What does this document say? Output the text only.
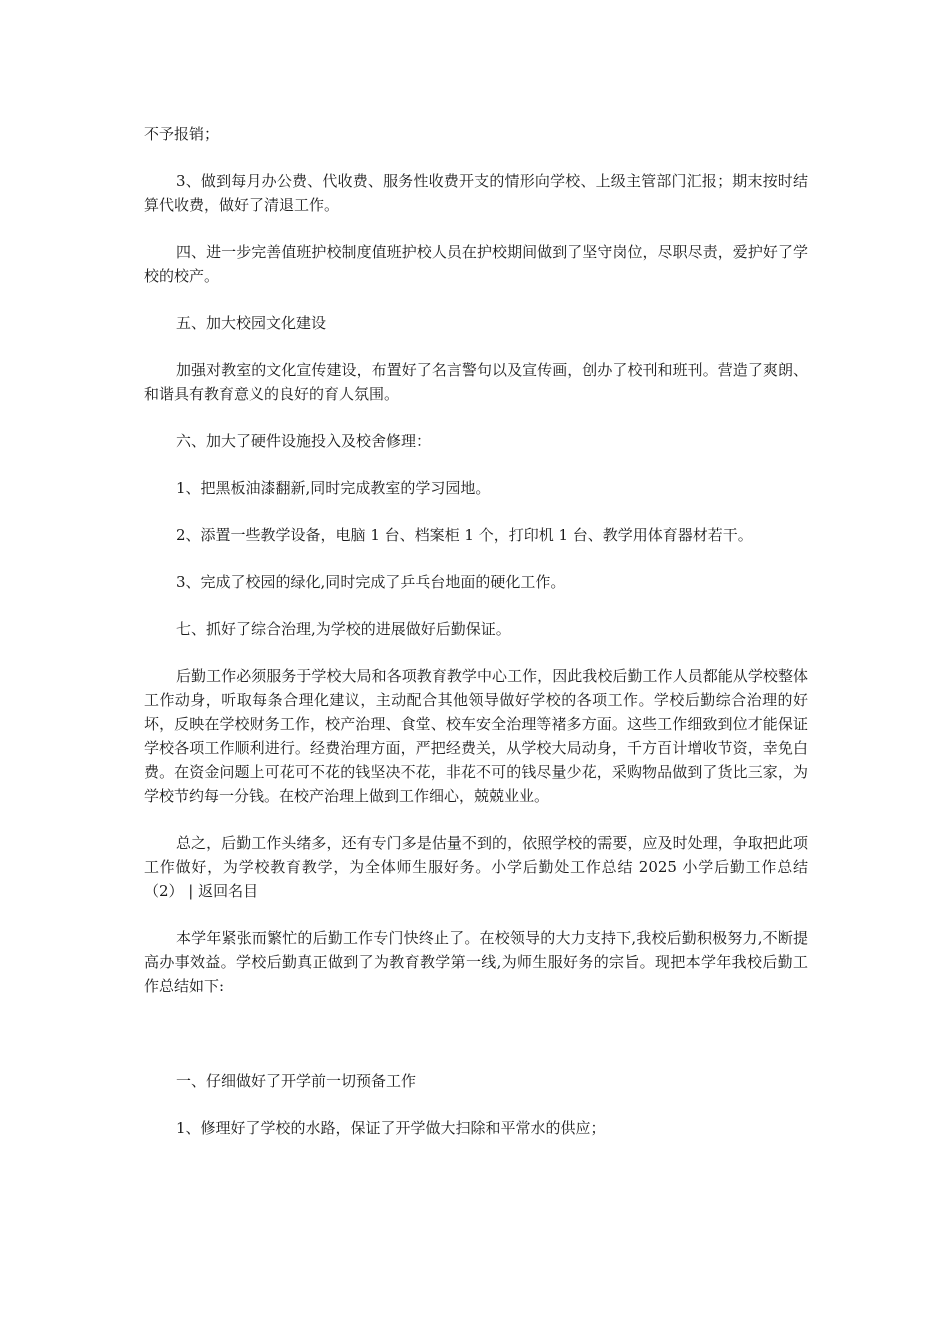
不予报销；

3、做到每月办公费、代收费、服务性收费开支的情形向学校、上级主管部门汇报；期末按时结算代收费，做好了清退工作。

四、进一步完善值班护校制度值班护校人员在护校期间做到了坚守岗位，尽职尽责，爱护好了学校的校产。

五、加大校园文化建设

加强对教室的文化宣传建设，布置好了名言警句以及宣传画，创办了校刊和班刊。营造了爽朗、和谐具有教育意义的良好的育人氛围。

六、加大了硬件设施投入及校舍修理：

1、把黑板油漆翻新,同时完成教室的学习园地。

2、添置一些教学设备，电脑 1 台、档案柜 1 个，打印机 1 台、教学用体育器材若干。

3、完成了校园的绿化,同时完成了乒乓台地面的硬化工作。

七、抓好了综合治理,为学校的进展做好后勤保证。

后勤工作必须服务于学校大局和各项教育教学中心工作，因此我校后勤工作人员都能从学校整体工作动身，听取每条合理化建议，主动配合其他领导做好学校的各项工作。学校后勤综合治理的好坏，反映在学校财务工作，校产治理、食堂、校车安全治理等褚多方面。这些工作细致到位才能保证学校各项工作顺利进行。经费治理方面，严把经费关，从学校大局动身，千方百计增收节资，幸免白费。在资金问题上可花可不花的钱坚决不花，非花不可的钱尽量少花，采购物品做到了货比三家，为学校节约每一分钱。在校产治理上做到工作细心，兢兢业业。

总之，后勤工作头绪多，还有专门多是估量不到的，依照学校的需要，应及时处理，争取把此项工作做好，为学校教育教学，为全体师生服好务。小学后勤处工作总结 2025 小学后勤工作总结（2） | 返回名目

本学年紧张而繁忙的后勤工作专门快终止了。在校领导的大力支持下,我校后勤积极努力,不断提高办事效益。学校后勤真正做到了为教育教学第一线,为师生服好务的宗旨。现把本学年我校后勤工作总结如下:

一、仔细做好了开学前一切预备工作

1、修理好了学校的水路，保证了开学做大扫除和平常水的供应；
